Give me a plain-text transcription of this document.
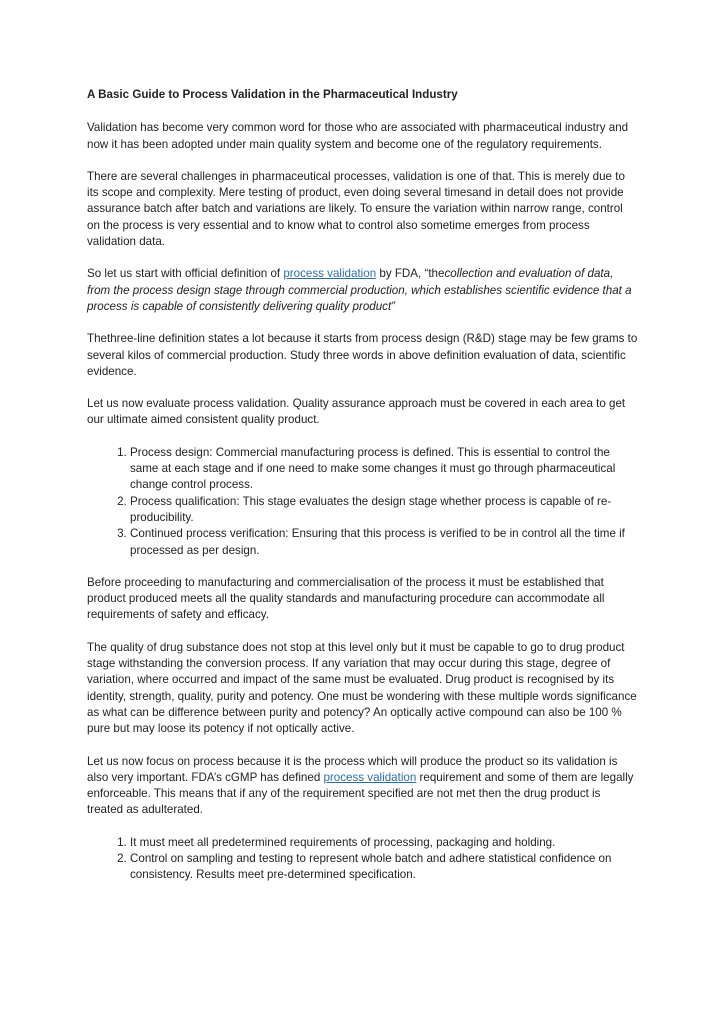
A Basic Guide to Process Validation in the Pharmaceutical Industry

Validation has become very common word for those who are associated with pharmaceutical industry and now it has been adopted under main quality system and become one of the regulatory requirements.

There are several challenges in pharmaceutical processes, validation is one of that. This is merely due to its scope and complexity. Mere testing of product, even doing several timesand in detail does not provide assurance batch after batch and variations are likely. To ensure the variation within narrow range, control on the process is very essential and to know what to control also sometime emerges from process validation data.

So let us start with official definition of process validation by FDA, “thecollection and evaluation of data, from the process design stage through commercial production, which establishes scientific evidence that a process is capable of consistently delivering quality product”

Thethree-line definition states a lot because it starts from process design (R&D) stage may be few grams to several kilos of commercial production. Study three words in above definition evaluation of data, scientific evidence.

Let us now evaluate process validation. Quality assurance approach must be covered in each area to get our ultimate aimed consistent quality product.

1. Process design: Commercial manufacturing process is defined. This is essential to control the same at each stage and if one need to make some changes it must go through pharmaceutical change control process.
2. Process qualification: This stage evaluates the design stage whether process is capable of re-producibility.
3. Continued process verification: Ensuring that this process is verified to be in control all the time if processed as per design.

Before proceeding to manufacturing and commercialisation of the process it must be established that product produced meets all the quality standards and manufacturing procedure can accommodate all requirements of safety and efficacy.

The quality of drug substance does not stop at this level only but it must be capable to go to drug product stage withstanding the conversion process. If any variation that may occur during this stage, degree of variation, where occurred and impact of the same must be evaluated. Drug product is recognised by its identity, strength, quality, purity and potency. One must be wondering with these multiple words significance as what can be difference between purity and potency? An optically active compound can also be 100 % pure but may loose its potency if not optically active.

Let us now focus on process because it is the process which will produce the product so its validation is also very important. FDA’s cGMP has defined process validation requirement and some of them are legally enforceable. This means that if any of the requirement specified are not met then the drug product is treated as adulterated.

1. It must meet all predetermined requirements of processing, packaging and holding.
2. Control on sampling and testing to represent whole batch and adhere statistical confidence on consistency. Results meet pre-determined specification.
